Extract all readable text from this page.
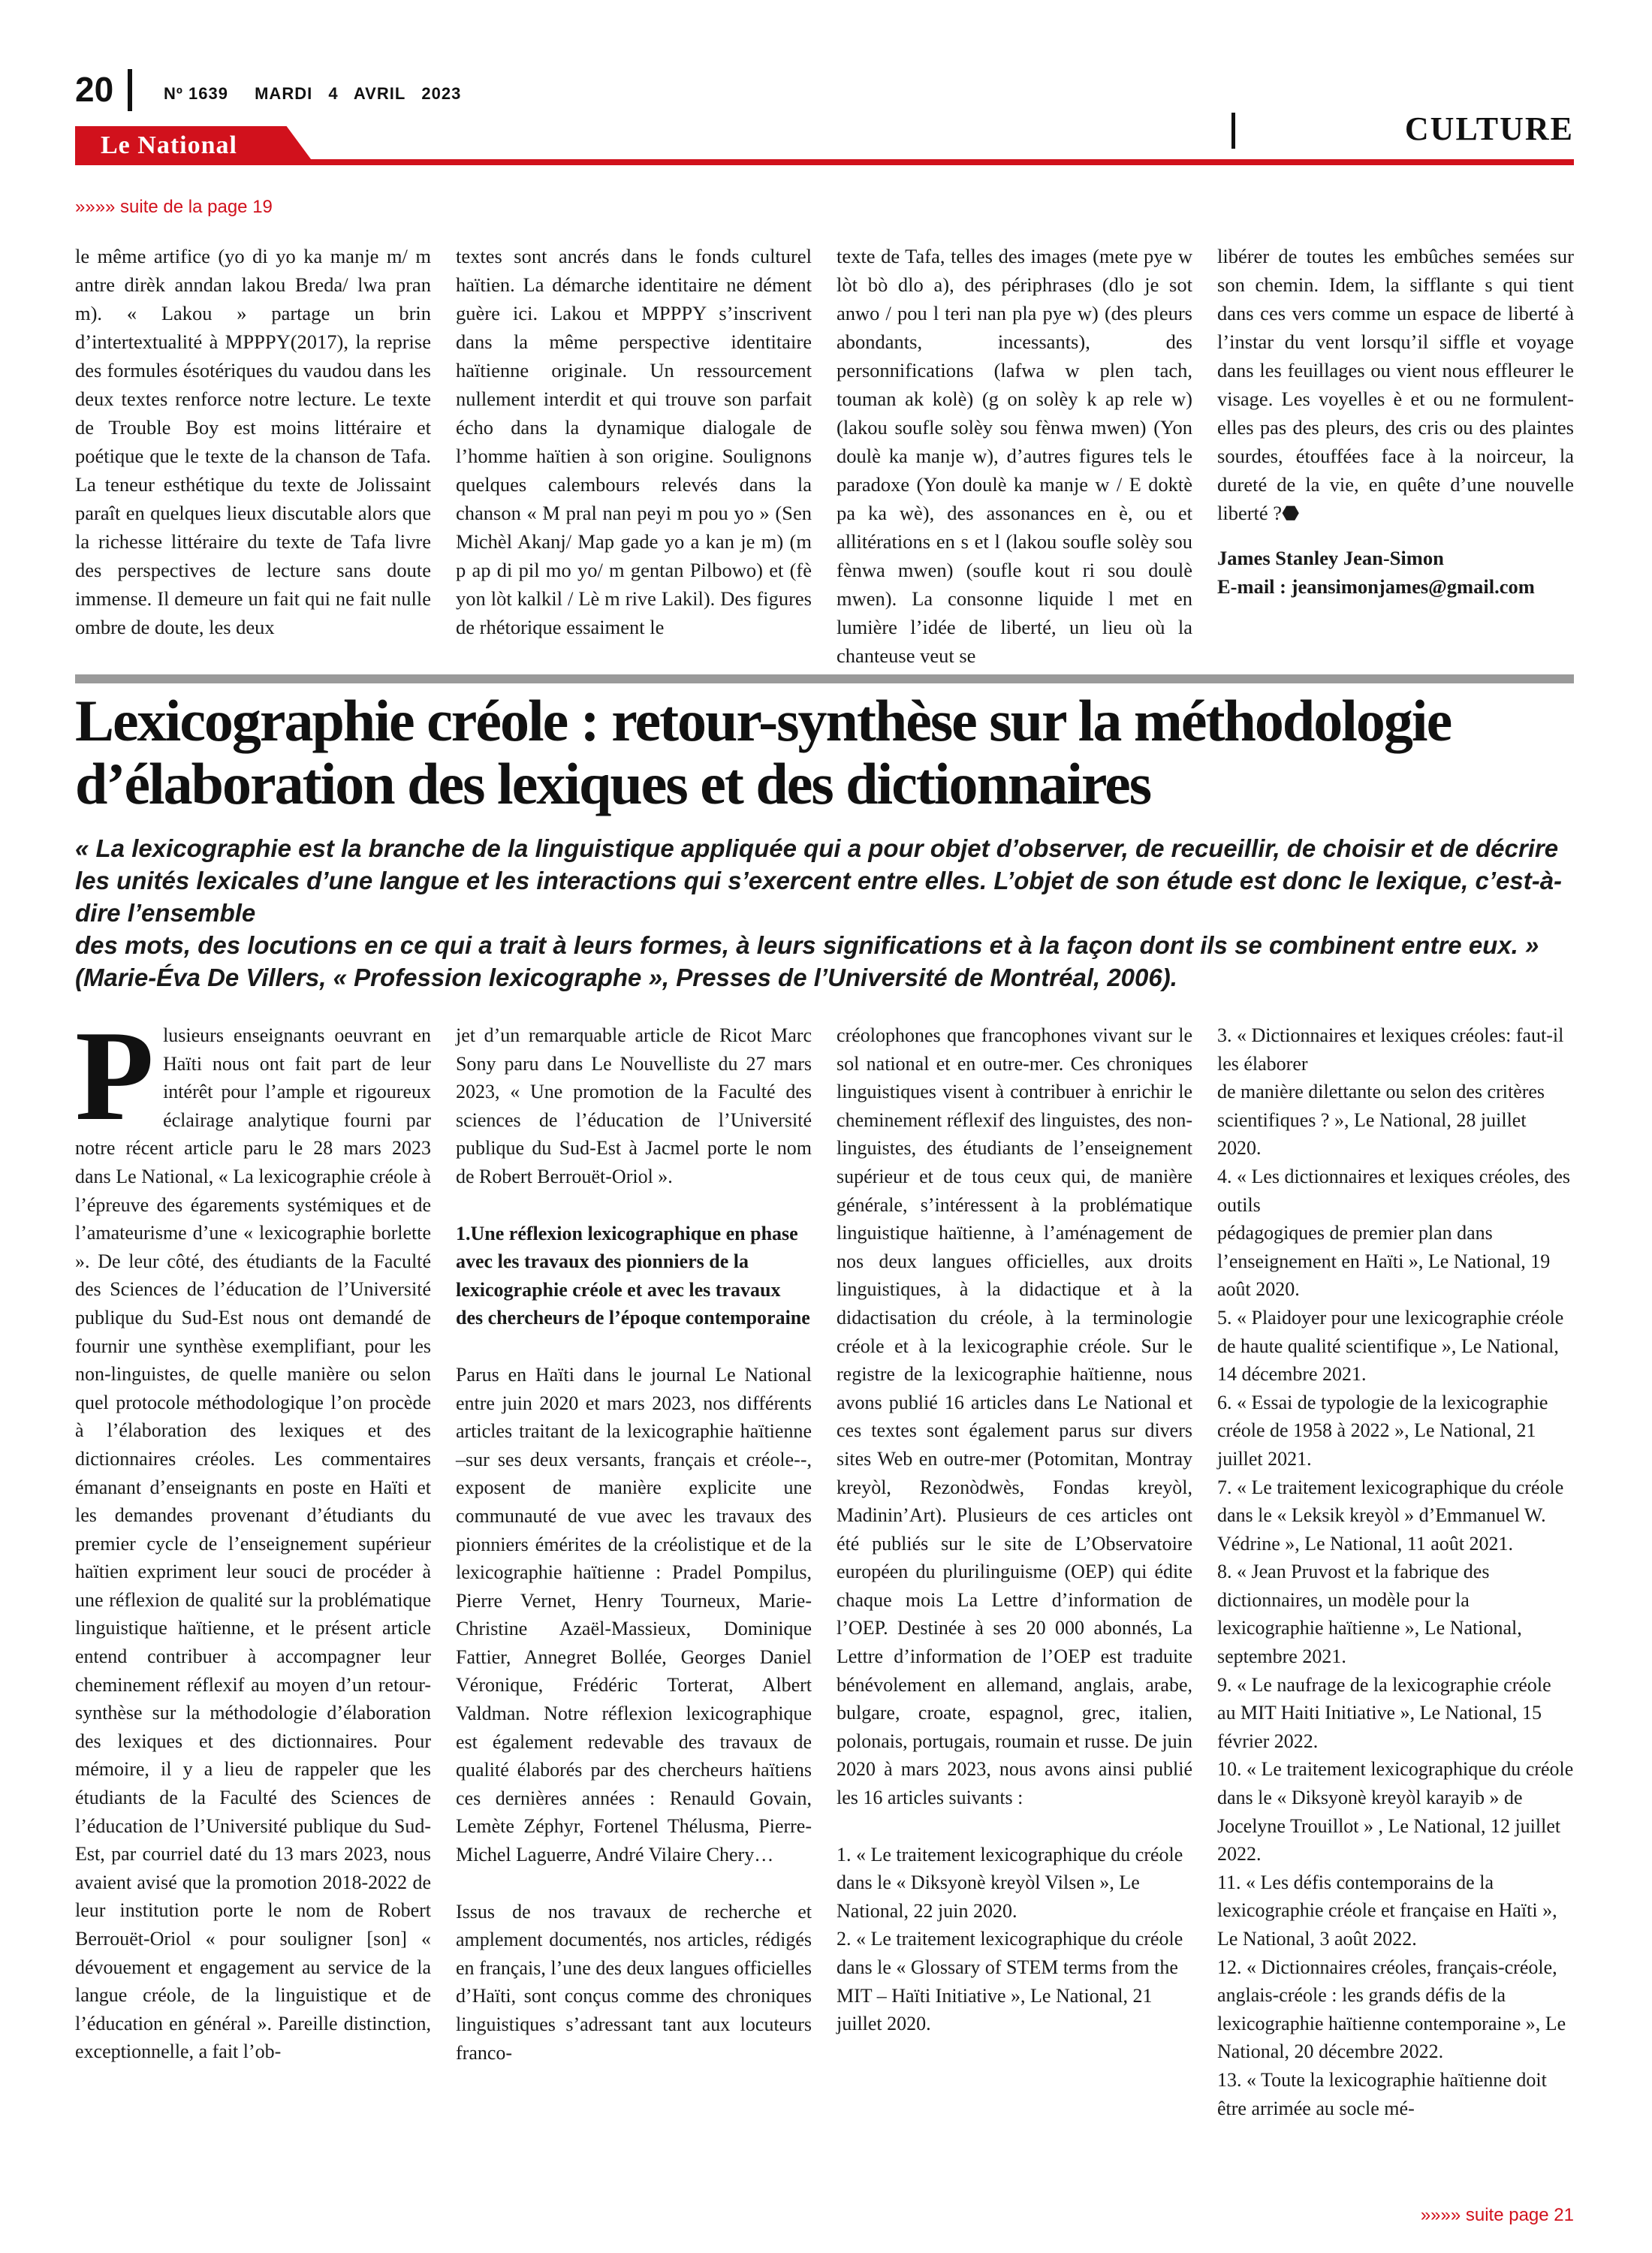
20	Nº 1639 MARDI 4 AVRIL 2023
CULTURE
Le National
»»»» suite de la page 19

le même artifice (yo di yo ka manje m/ m antre dirèk anndan lakou Breda/ lwa pran m). « Lakou » partage un brin d’intertextualité à MPPPY(2017), la reprise des formules ésotériques du vaudou dans les deux textes renforce notre lecture. Le texte de Trouble Boy est moins littéraire et poétique que le texte de la chanson de Tafa. La teneur esthétique du texte de Jolissaint paraît en quelques lieux discutable alors que la richesse littéraire du texte de Tafa livre des perspectives de lecture sans doute immense. Il demeure un fait qui ne fait nulle ombre de doute, les deux

textes sont ancrés dans le fonds culturel haïtien. La démarche identitaire ne dément guère ici. Lakou et MPPPY s’inscrivent dans la même perspective identitaire haïtienne originale. Un ressourcement nullement interdit et qui trouve son parfait écho dans la dynamique dialogale de l’homme haïtien à son origine. Soulignons quelques calembours relevés dans la chanson « M pral nan peyi m pou yo » (Sen Michèl Akanj/ Map gade yo a kan je m) (m p ap di pil mo yo/ m gentan Pilbowo) et (fè yon lòt kalkil / Lè m rive Lakil). Des figures de rhétorique essaiment le

texte de Tafa, telles des images (mete pye w lòt bò dlo a), des périphrases (dlo je sot anwo / pou l teri nan pla pye w) (des pleurs abondants, incessants), des personnifications (lafwa w plen tach, touman ak kolè) (g on solèy k ap rele w) (lakou soufle solèy sou fènwa mwen) (Yon doulè ka manje w), d’autres figures tels le paradoxe (Yon doulè ka manje w / E doktè pa ka wè), des assonances en è, ou et allitérations en s et l (lakou soufle solèy sou fènwa mwen) (soufle kout ri sou doulè mwen). La consonne liquide l met en lumière l’idée de liberté, un lieu où la chanteuse veut se

libérer de toutes les embûches semées sur son chemin. Idem, la sifflante s qui tient dans ces vers comme un espace de liberté à l’instar du vent lorsqu’il siffle et voyage dans les feuillages ou vient nous effleurer le visage. Les voyelles è et ou ne formulent-elles pas des pleurs, des cris ou des plaintes sourdes, étouffées face à la noirceur, la dureté de la vie, en quête d’une nouvelle liberté ?⬣

James Stanley Jean-Simon

E-mail : jeansimonjames@gmail.com

Lexicographie créole : retour-synthèse sur la méthodologie
d’élaboration des lexiques et des dictionnaires

« La lexicographie est la branche de la linguistique appliquée qui a pour objet d’observer, de recueillir, de choisir et de décrire les unités lexicales d’une langue et les interactions qui s’exercent entre elles. L’objet de son étude est donc le lexique, c’est-à-dire l’ensemble

des mots, des locutions en ce qui a trait à leurs formes, à leurs significations et à la façon dont ils se combinent entre eux. » (Marie-Éva De Villers, « Profession lexicographe », Presses de l’Université de Montréal, 2006).

P lusieurs enseignants oeuvrant en Haïti nous ont fait part de leur intérêt pour l’ample et rigoureux éclairage analytique fourni par notre récent article paru le 28 mars 2023 dans Le National, « La lexicographie créole à l’épreuve des égarements systémiques et de l’amateurisme d’une « lexicographie borlette ». De leur côté, des étudiants de la Faculté des Sciences de l’éducation de l’Université publique du Sud-Est nous ont demandé de fournir une synthèse exemplifiant, pour les non-linguistes, de quelle manière ou selon quel protocole méthodologique l’on procède à l’élaboration des lexiques et des dictionnaires créoles. Les commentaires émanant d’enseignants en poste en Haïti et les demandes provenant d’étudiants du premier cycle de l’enseignement supérieur haïtien expriment leur souci de procéder à une réflexion de qualité sur la problématique linguistique haïtienne, et le présent article entend contribuer à accompagner leur cheminement réflexif au moyen d’un retour-synthèse sur la méthodologie d’élaboration des lexiques et des dictionnaires. Pour mémoire, il y a lieu de rappeler que les étudiants de la Faculté des Sciences de l’éducation de l’Université publique du Sud-Est, par courriel daté du 13 mars 2023, nous avaient avisé que la promotion 2018-2022 de leur institution porte le nom de Robert Berrouët-Oriol « pour souligner [son] « dévouement et engagement au service de la langue créole, de la linguistique et de l’éducation en général ». Pareille distinction, exceptionnelle, a fait l’ob-

jet d’un remarquable article de Ricot Marc Sony paru dans Le Nouvelliste du 27 mars 2023, « Une promotion de la Faculté des sciences de l’éducation de l’Université publique du Sud-Est à Jacmel porte le nom de Robert Berrouët-Oriol ».

1.Une réflexion lexicographique en phase avec les travaux des pionniers de la lexicographie créole et avec les travaux des chercheurs de l’époque contemporaine

Parus en Haïti dans le journal Le National entre juin 2020 et mars 2023, nos différents articles traitant de la lexicographie haïtienne –sur ses deux versants, français et créole--, exposent de manière explicite une communauté de vue avec les travaux des pionniers émérites de la créolistique et de la lexicographie haïtienne : Pradel Pompilus, Pierre Vernet, Henry Tourneux, Marie-Christine Azaël-Massieux, Dominique Fattier, Annegret Bollée, Georges Daniel Véronique, Frédéric Torterat, Albert Valdman. Notre réflexion lexicographique est également redevable des travaux de qualité élaborés par des chercheurs haïtiens ces dernières années : Renauld Govain, Lemète Zéphyr, Fortenel Thélusma, Pierre-Michel Laguerre, André Vilaire Chery…

Issus de nos travaux de recherche et amplement documentés, nos articles, rédigés en français, l’une des deux langues officielles d’Haïti, sont conçus comme des chroniques linguistiques s’adressant tant aux locuteurs franco-

créolophones que francophones vivant sur le sol national et en outre-mer. Ces chroniques linguistiques visent à contribuer à enrichir le cheminement réflexif des linguistes, des non-linguistes, des étudiants de l’enseignement supérieur et de tous ceux qui, de manière générale, s’intéressent à la problématique linguistique haïtienne, à l’aménagement de nos deux langues officielles, aux droits linguistiques, à la didactique et à la didactisation du créole, à la terminologie créole et à la lexicographie créole. Sur le registre de la lexicographie haïtienne, nous avons publié 16 articles dans Le National et ces textes sont également parus sur divers sites Web en outre-mer (Potomitan, Montray kreyòl, Rezonòdwès, Fondas kreyòl, Madinin’Art). Plusieurs de ces articles ont été publiés sur le site de L’Observatoire européen du plurilinguisme (OEP) qui édite chaque mois La Lettre d’information de l’OEP. Destinée à ses 20 000 abonnés, La Lettre d’information de l’OEP est traduite bénévolement en allemand, anglais, arabe, bulgare, croate, espagnol, grec, italien, polonais, portugais, roumain et russe. De juin 2020 à mars 2023, nous avons ainsi publié les 16 articles suivants :

1. « Le traitement lexicographique du créole dans le « Diksyonè kreyòl Vilsen », Le National, 22 juin 2020.

2. « Le traitement lexicographique du créole dans le « Glossary of STEM terms from the MIT – Haïti Initiative », Le National, 21 juillet 2020.

3. « Dictionnaires et lexiques créoles: faut-il les élaborer

de manière dilettante ou selon des critères scientifiques ? », Le National, 28 juillet 2020.

4. « Les dictionnaires et lexiques créoles, des outils

pédagogiques de premier plan dans l’enseignement en Haïti », Le National, 19 août 2020.

5. « Plaidoyer pour une lexicographie créole de haute qualité scientifique », Le National, 14 décembre 2021.

6. « Essai de typologie de la lexicographie créole de 1958 à 2022 », Le National, 21 juillet 2021.

7. « Le traitement lexicographique du créole dans le « Leksik kreyòl » d’Emmanuel W. Védrine », Le National, 11 août 2021.

8. « Jean Pruvost et la fabrique des dictionnaires, un modèle pour la lexicographie haïtienne », Le National, septembre 2021.

9. « Le naufrage de la lexicographie créole au MIT Haiti Initiative », Le National, 15 février 2022.

10. « Le traitement lexicographique du créole dans le « Diksyonè kreyòl karayib » de Jocelyne Trouillot » , Le National, 12 juillet 2022.

11. « Les défis contemporains de la lexicographie créole et française en Haïti », Le National, 3 août 2022.

12. « Dictionnaires créoles, français-créole, anglais-créole : les grands défis de la lexicographie haïtienne contemporaine », Le National, 20 décembre 2022.

13. « Toute la lexicographie haïtienne doit être arrimée au socle mé-

»»»» suite page 21
